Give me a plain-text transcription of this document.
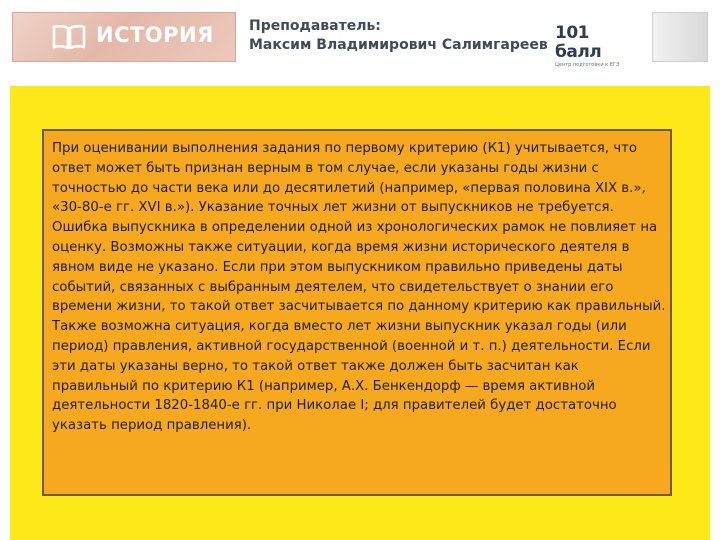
ИСТОРИЯ	Преподаватель:
Максим Владимирович Салимгареев
101 балл
Центр подготовки к ЕГЭ
При оценивании выполнения задания по первому критерию (К1) учитывается, что ответ может быть признан верным в том случае, если указаны годы жизни с точностью до части века или до десятилетий (например, «первая половина XIX в.», «30-80-е гг. XVI в.»). Указание точных лет жизни от выпускников не требуется. Ошибка выпускника в определении одной из хронологических рамок не повлияет на оценку. Возможны также ситуации, когда время жизни исторического деятеля в явном виде не указано. Если при этом выпускником правильно приведены даты событий, связанных с выбранным деятелем, что свидетельствует о знании его времени жизни, то такой ответ засчитывается по данному критерию как правильный.
Также возможна ситуация, когда вместо лет жизни выпускник указал годы (или период) правления, активной государственной (военной и т. п.) деятельности. Если эти даты указаны верно, то такой ответ также должен быть засчитан как правильный по критерию К1 (например, А.Х. Бенкендорф — время активной деятельности 1820-1840-е гг. при Николае I; для правителей будет достаточно указать период правления).
